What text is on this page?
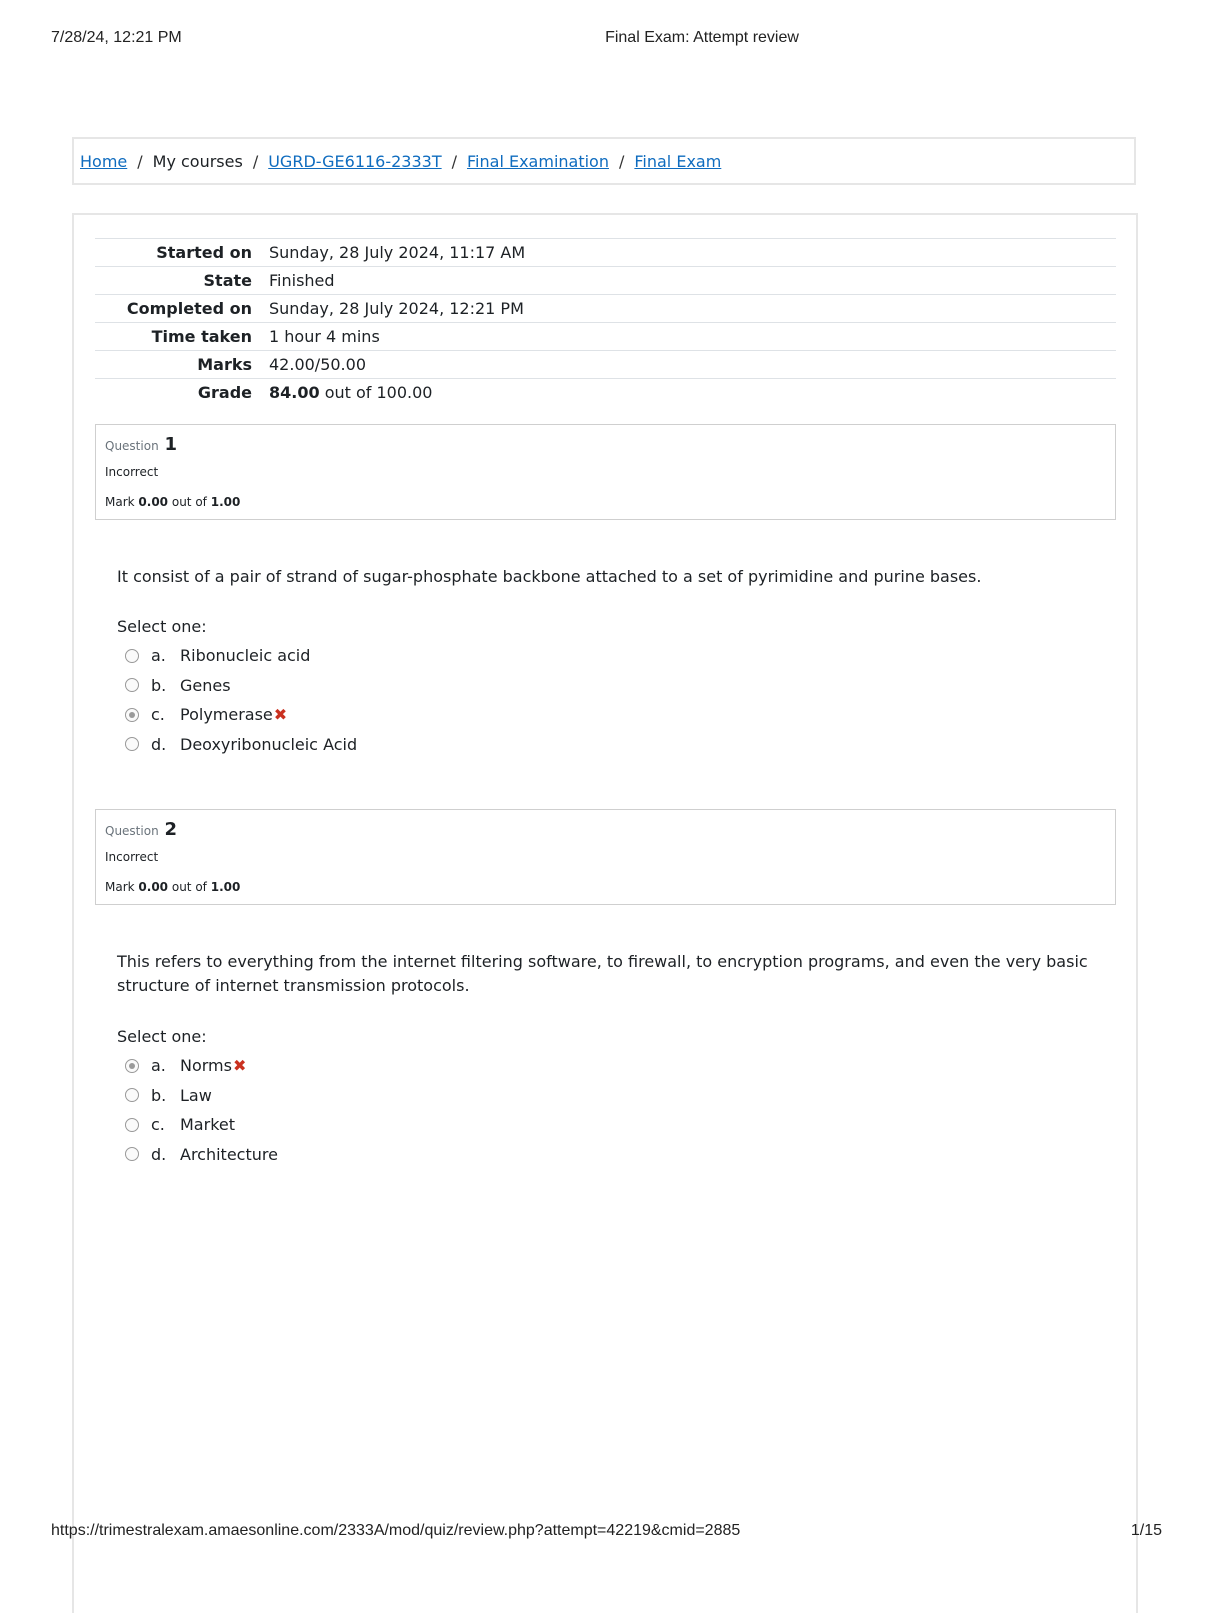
7/28/24, 12:21 PM	Final Exam: Attempt review
Home / My courses / UGRD-GE6116-2333T / Final Examination / Final Exam
Started on	Sunday, 28 July 2024, 11:17 AM
State	Finished
Completed on	Sunday, 28 July 2024, 12:21 PM
Time taken	1 hour 4 mins
Marks	42.00/50.00
Grade	84.00 out of 100.00
Question 1
Incorrect
Mark 0.00 out of 1.00
It consist of a pair of strand of sugar-phosphate backbone attached to a set of pyrimidine and purine bases.
Select one:
a. Ribonucleic acid
b. Genes
c. Polymerase ✖
d. Deoxyribonucleic Acid
Question 2
Incorrect
Mark 0.00 out of 1.00
This refers to everything from the internet filtering software, to firewall, to encryption programs, and even the very basic structure of internet transmission protocols.
Select one:
a. Norms ✖
b. Law
c. Market
d. Architecture
https://trimestralexam.amaesonline.com/2333A/mod/quiz/review.php?attempt=42219&cmid=2885	1/15
